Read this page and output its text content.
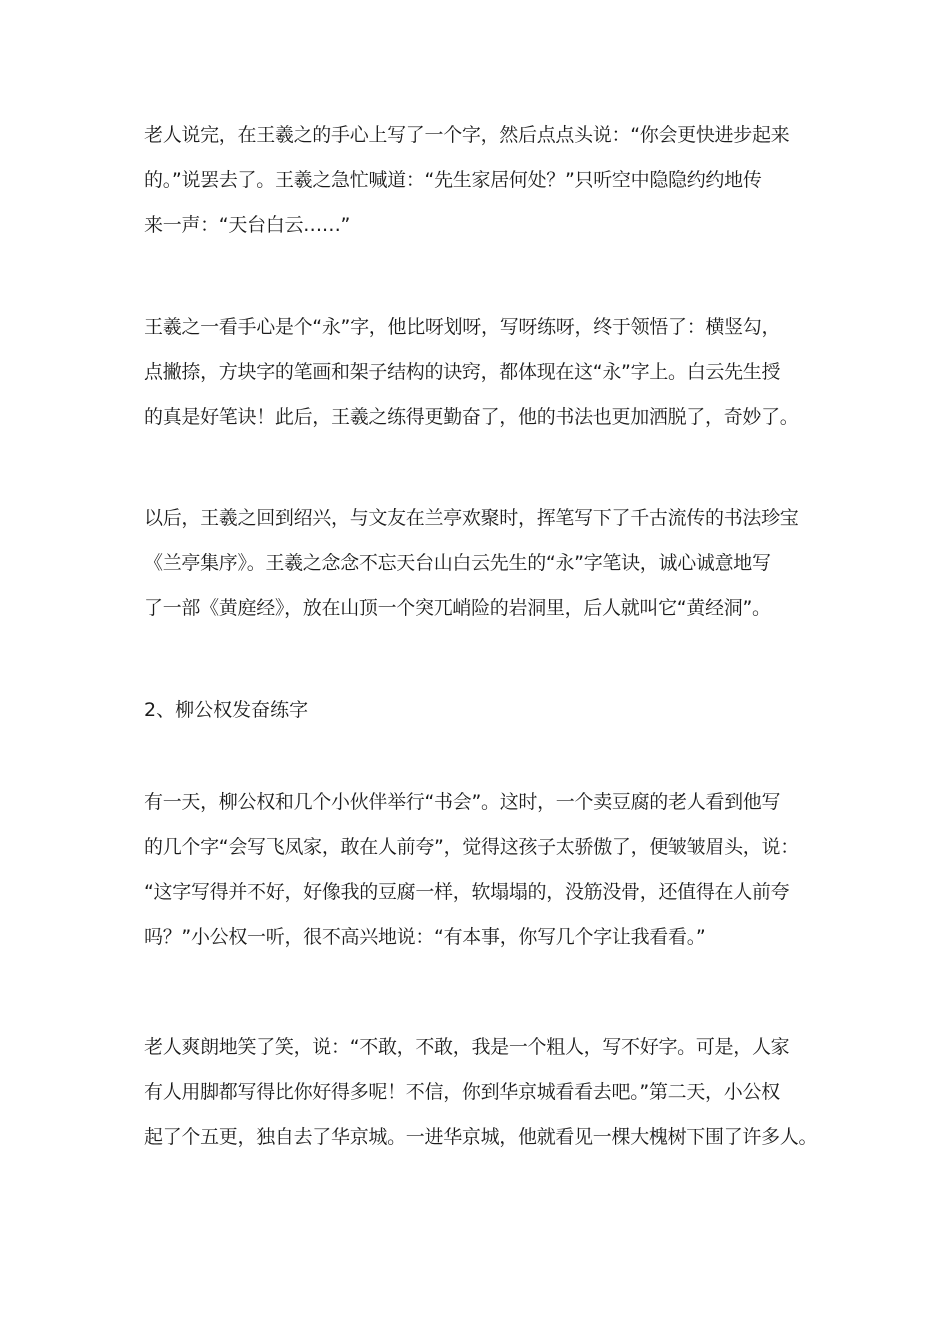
老人说完，在王羲之的手心上写了一个字，然后点点头说：“你会更快进步起来
的。”说罢去了。王羲之急忙喊道：“先生家居何处？”只听空中隐隐约约地传
来一声：“天台白云……”

王羲之一看手心是个“永”字，他比呀划呀，写呀练呀，终于领悟了：横竖勾，
点撇捺，方块字的笔画和架子结构的诀窍，都体现在这“永”字上。白云先生授
的真是好笔诀！此后，王羲之练得更勤奋了，他的书法也更加洒脱了，奇妙了。

以后，王羲之回到绍兴，与文友在兰亭欢聚时，挥笔写下了千古流传的书法珍宝
《兰亭集序》。王羲之念念不忘天台山白云先生的“永”字笔诀，诚心诚意地写
了一部《黄庭经》，放在山顶一个突兀峭险的岩洞里，后人就叫它“黄经洞”。

2、柳公权发奋练字

有一天，柳公权和几个小伙伴举行“书会”。这时，一个卖豆腐的老人看到他写
的几个字“会写飞凤家，敢在人前夸”，觉得这孩子太骄傲了，便皱皱眉头，说：
“这字写得并不好，好像我的豆腐一样，软塌塌的，没筋没骨，还值得在人前夸
吗？”小公权一听，很不高兴地说：“有本事，你写几个字让我看看。”

老人爽朗地笑了笑，说：“不敢，不敢，我是一个粗人，写不好字。可是，人家
有人用脚都写得比你好得多呢！不信，你到华京城看看去吧。”第二天，小公权
起了个五更，独自去了华京城。一进华京城，他就看见一棵大槐树下围了许多人。
